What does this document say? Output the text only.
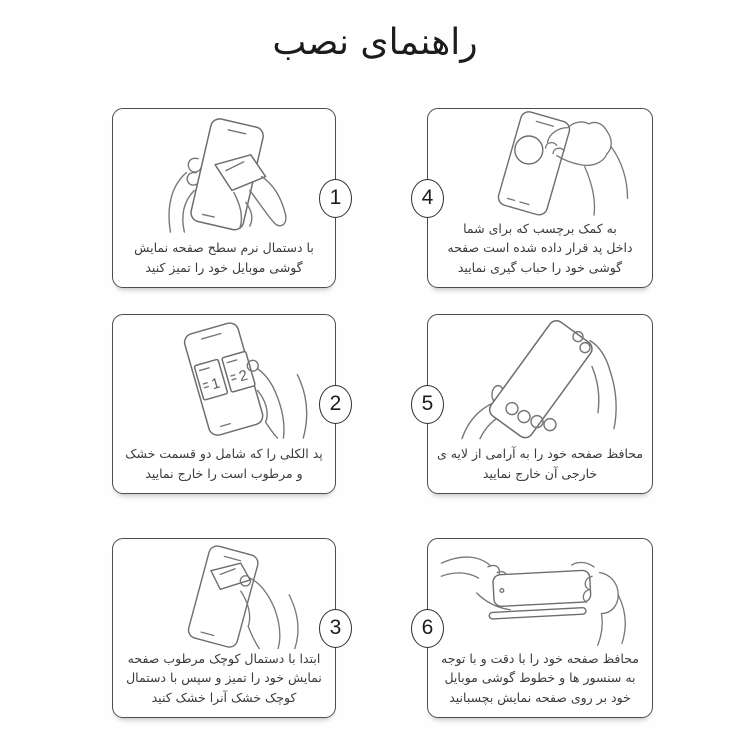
راهنمای نصب
با دستمال نرم سطح صفحه نمایش
گوشی موبایل خود را تمیز کنید
1
1 2
پد الکلی را که شامل دو قسمت خشک
و مرطوب است را خارج نمایید
2
ابتدا با دستمال کوچک مرطوب صفحه
نمایش خود را تمیز و سپس با دستمال
کوچک خشک آنرا خشک کنید
3
به کمک برچسب که برای شما
داخل پد قرار داده شده است صفحه
گوشی خود را حباب گیری نمایید
4
محافظ صفحه خود را به آرامی از لایه ی
خارجی آن خارج نمایید
5
محافظ صفحه خود را با دقت و با توجه
به سنسور ها و خطوط گوشی موبایل
خود بر روی صفحه نمایش بچسبانید
6
